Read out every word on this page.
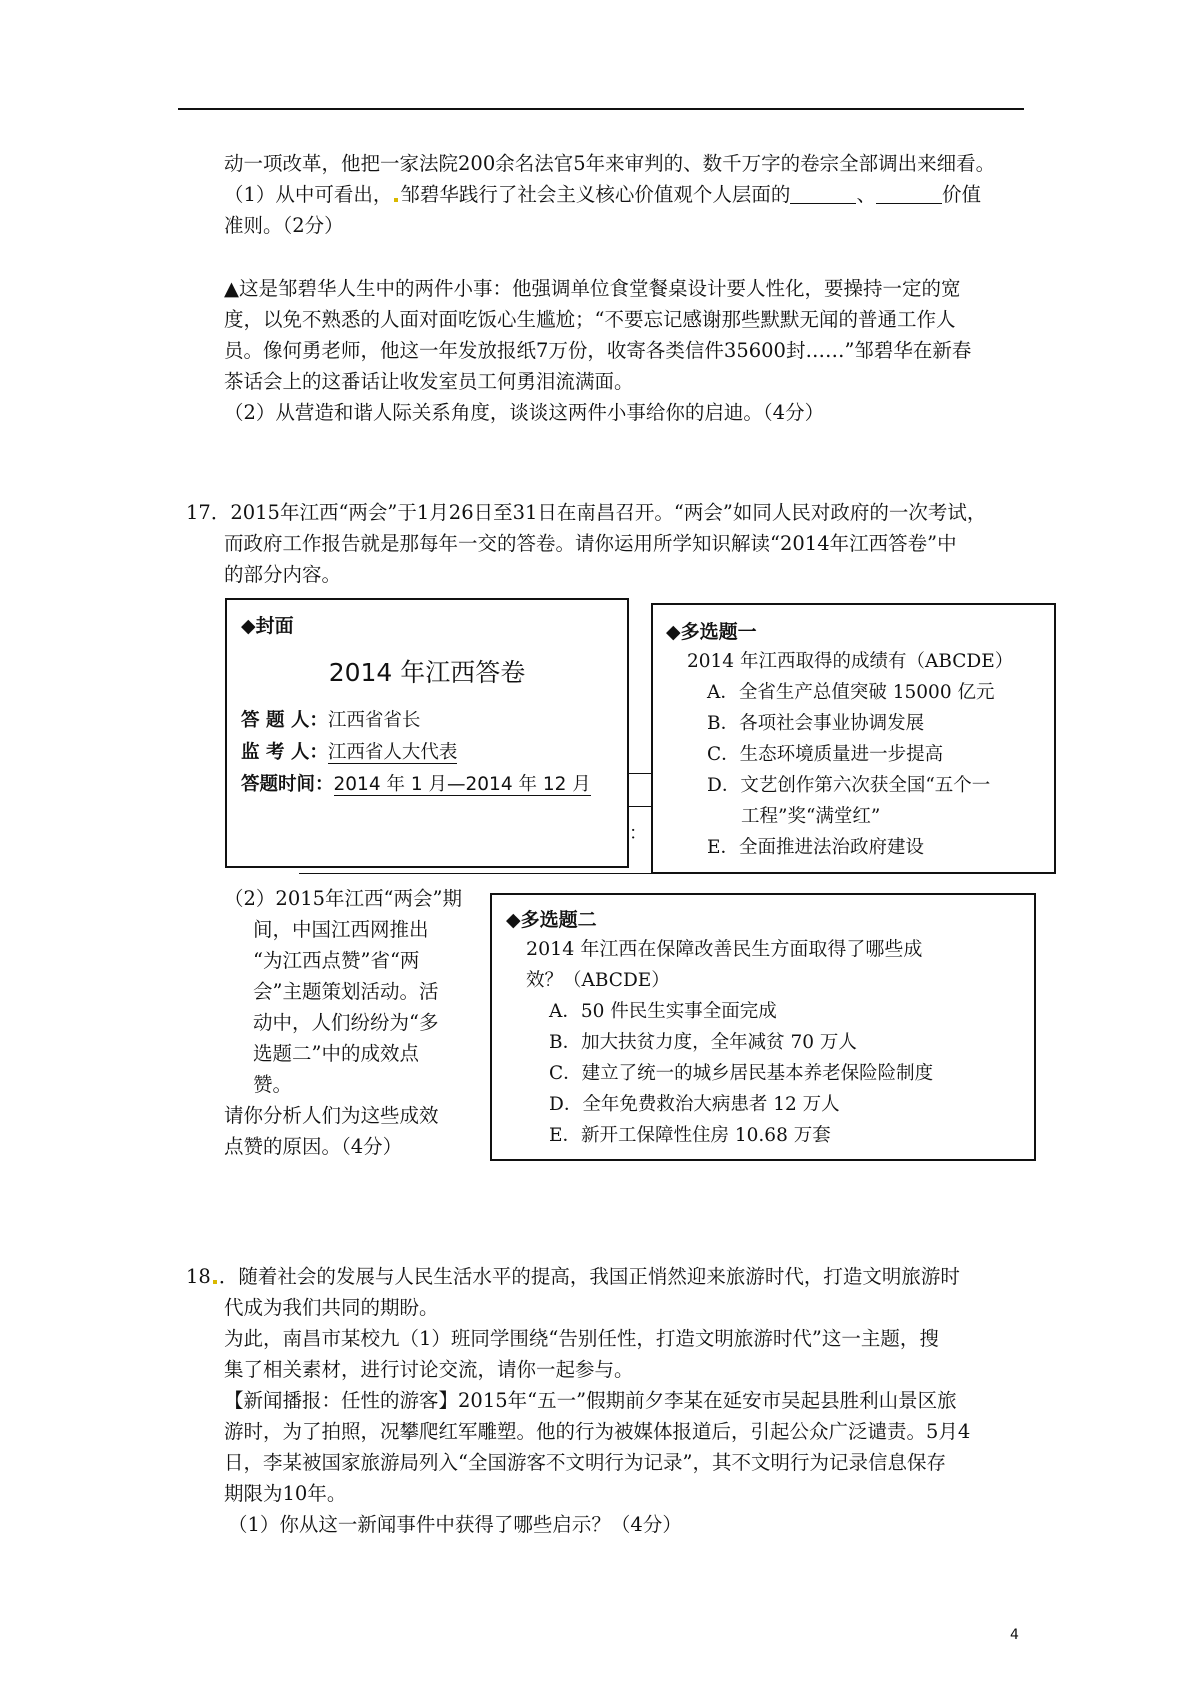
动一项改革，他把一家法院200余名法官5年来审判的、数千万字的卷宗全部调出来细看。
（1）从中可看出， 邹碧华践行了社会主义核心价值观个人层面的	、	价值
准则。（2分）
▲这是邹碧华人生中的两件小事：他强调单位食堂餐桌设计要人性化，要操持一定的宽
度，以免不熟悉的人面对面吃饭心生尴尬；“不要忘记感谢那些默默无闻的普通工作人
员。像何勇老师，他这一年发放报纸7万份，收寄各类信件35600封……”邹碧华在新春
茶话会上的这番话让收发室员工何勇泪流满面。
（2）从营造和谐人际关系角度，谈谈这两件小事给你的启迪。（4分）
17．2015年江西“两会”于1月26日至31日在南昌召开。“两会”如同人民对政府的一次考试，
而政府工作报告就是那每年一交的答卷。请你运用所学知识解读“2014年江西答卷”中
的部分内容。
◆封面
2014 年江西答卷
答 题 人：江西省省长
监 考 人：江西省人大代表
答题时间：2014 年 1 月—2014 年 12 月
：
◆多选题一
2014 年江西取得的成绩有（ABCDE）
A．全省生产总值突破 15000 亿元
B．各项社会事业协调发展
C．生态环境质量进一步提高
D．文艺创作第六次获全国“五个一
工程”奖“满堂红”
E．全面推进法治政府建设
（2）2015年江西“两会”期
间，中国江西网推出
“为江西点赞”省“两
会”主题策划活动。活
动中，人们纷纷为“多
选题二”中的成效点
赞。
请你分析人们为这些成效
点赞的原因。（4分）
◆多选题二
2014 年江西在保障改善民生方面取得了哪些成
效？（ABCDE）
A．50 件民生实事全面完成
B．加大扶贫力度，全年减贫 70 万人
C．建立了统一的城乡居民基本养老保险险制度
D．全年免费救治大病患者 12 万人
E．新开工保障性住房 10.68 万套
18 ．随着社会的发展与人民生活水平的提高，我国正悄然迎来旅游时代，打造文明旅游时
代成为我们共同的期盼。
为此，南昌市某校九（1）班同学围绕“告别任性，打造文明旅游时代”这一主题，搜
集了相关素材，进行讨论交流，请你一起参与。
【新闻播报：任性的游客】2015年“五一”假期前夕李某在延安市吴起县胜利山景区旅
游时，为了拍照，况攀爬红军雕塑。他的行为被媒体报道后，引起公众广泛谴责。5月4
日，李某被国家旅游局列入“全国游客不文明行为记录”，其不文明行为记录信息保存
期限为10年。
（1）你从这一新闻事件中获得了哪些启示？（4分）
4
